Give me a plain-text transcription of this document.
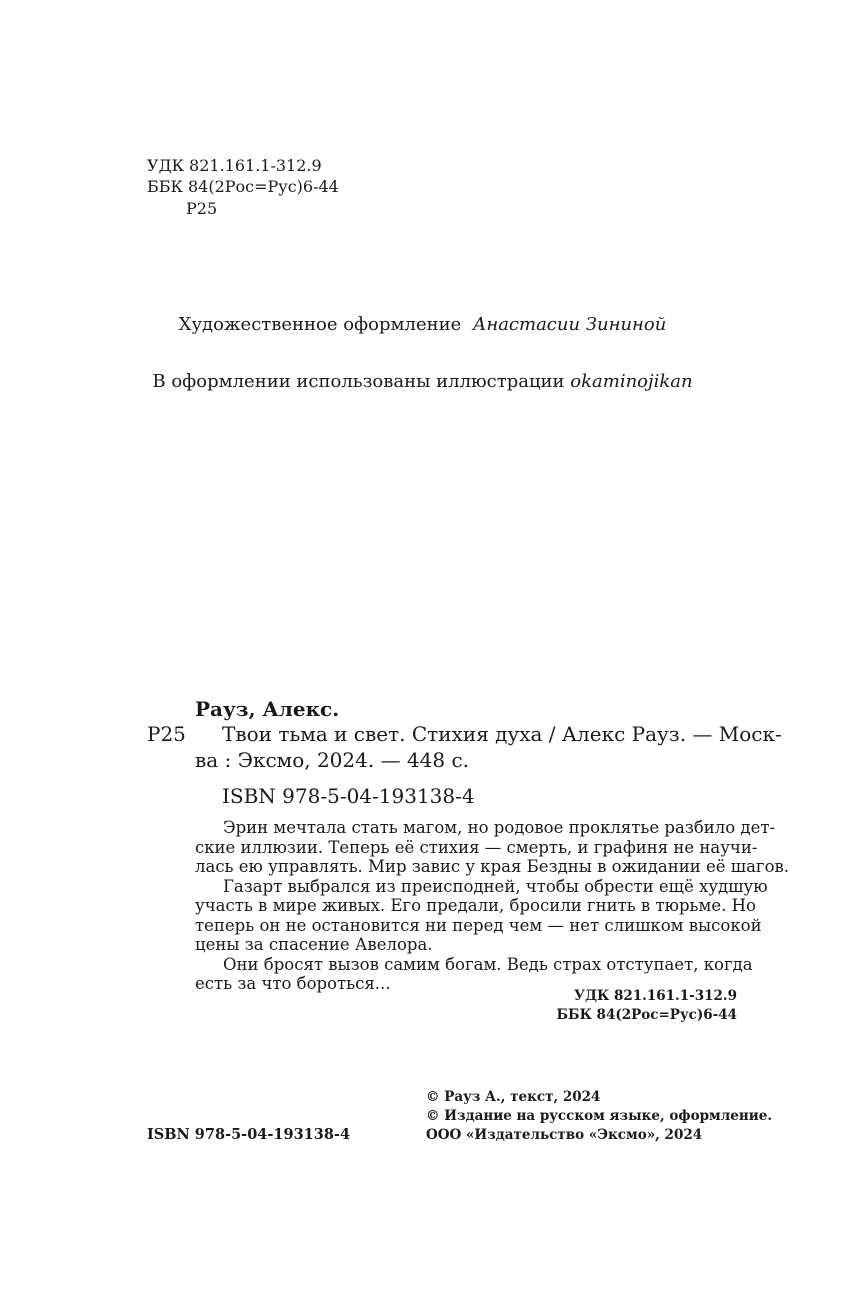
УДК 821.161.1-312.9
ББК 84(2Рос=Рус)6-44
Р25
Художественное оформление Анастасии Зининой
В оформлении использованы иллюстрации okaminojikan
Рауз, Алекс.
Р25 Твои тьма и свет. Стихия духа / Алекс Рауз. — Моск-
ва : Эксмо, 2024. — 448 с.
ISBN 978-5-04-193138-4
Эрин мечтала стать магом, но родовое проклятье разбило дет-
ские иллюзии. Теперь её стихия — смерть, и графиня не научи-
лась ею управлять. Мир завис у края Бездны в ожидании её шагов.
Газарт выбрался из преисподней, чтобы обрести ещё худшую
участь в мире живых. Его предали, бросили гнить в тюрьме. Но
теперь он не остановится ни перед чем — нет слишком высокой
цены за спасение Авелора.
Они бросят вызов самим богам. Ведь страх отступает, когда
есть за что бороться...
УДК 821.161.1-312.9
ББК 84(2Рос=Рус)6-44
ISBN 978-5-04-193138-4
© Рауз А., текст, 2024
© Издание на русском языке, оформление.
ООО «Издательство «Эксмо», 2024
